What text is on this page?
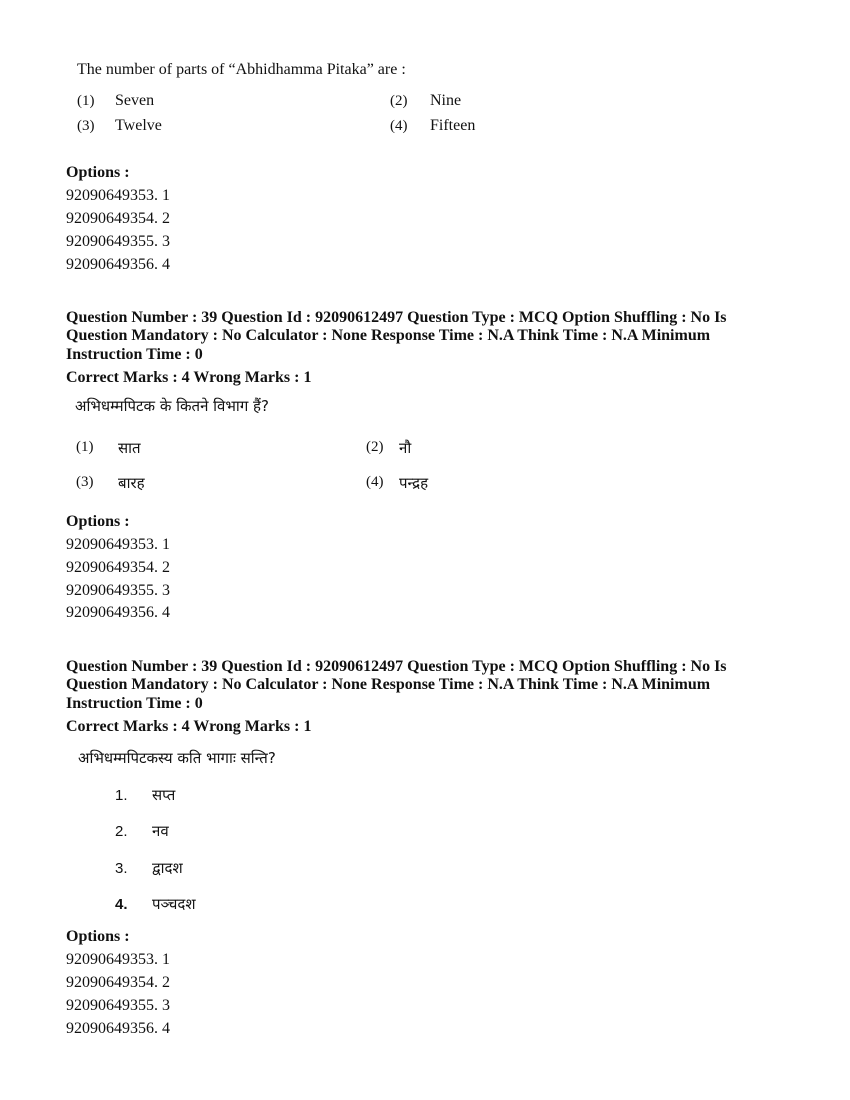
The number of parts of “Abhidhamma Pitaka” are :
(1) Seven	(2) Nine
(3) Twelve	(4) Fifteen
Options :
92090649353. 1
92090649354. 2
92090649355. 3
92090649356. 4
Question Number : 39 Question Id : 92090612497 Question Type : MCQ Option Shuffling : No Is
Question Mandatory : No Calculator : None Response Time : N.A Think Time : N.A Minimum
Instruction Time : 0
Correct Marks : 4 Wrong Marks : 1
अभिधम्मपिटक के कितने विभाग हैं?
(1) सात	(2) नौ
(3) बारह	(4) पन्द्रह
Options :
92090649353. 1
92090649354. 2
92090649355. 3
92090649356. 4
Question Number : 39 Question Id : 92090612497 Question Type : MCQ Option Shuffling : No Is
Question Mandatory : No Calculator : None Response Time : N.A Think Time : N.A Minimum
Instruction Time : 0
Correct Marks : 4 Wrong Marks : 1
अभिधम्मपिटकस्य कति भागाः सन्ति?
1. सप्त
2. नव
3. द्वादश
4. पञ्चदश
Options :
92090649353. 1
92090649354. 2
92090649355. 3
92090649356. 4
